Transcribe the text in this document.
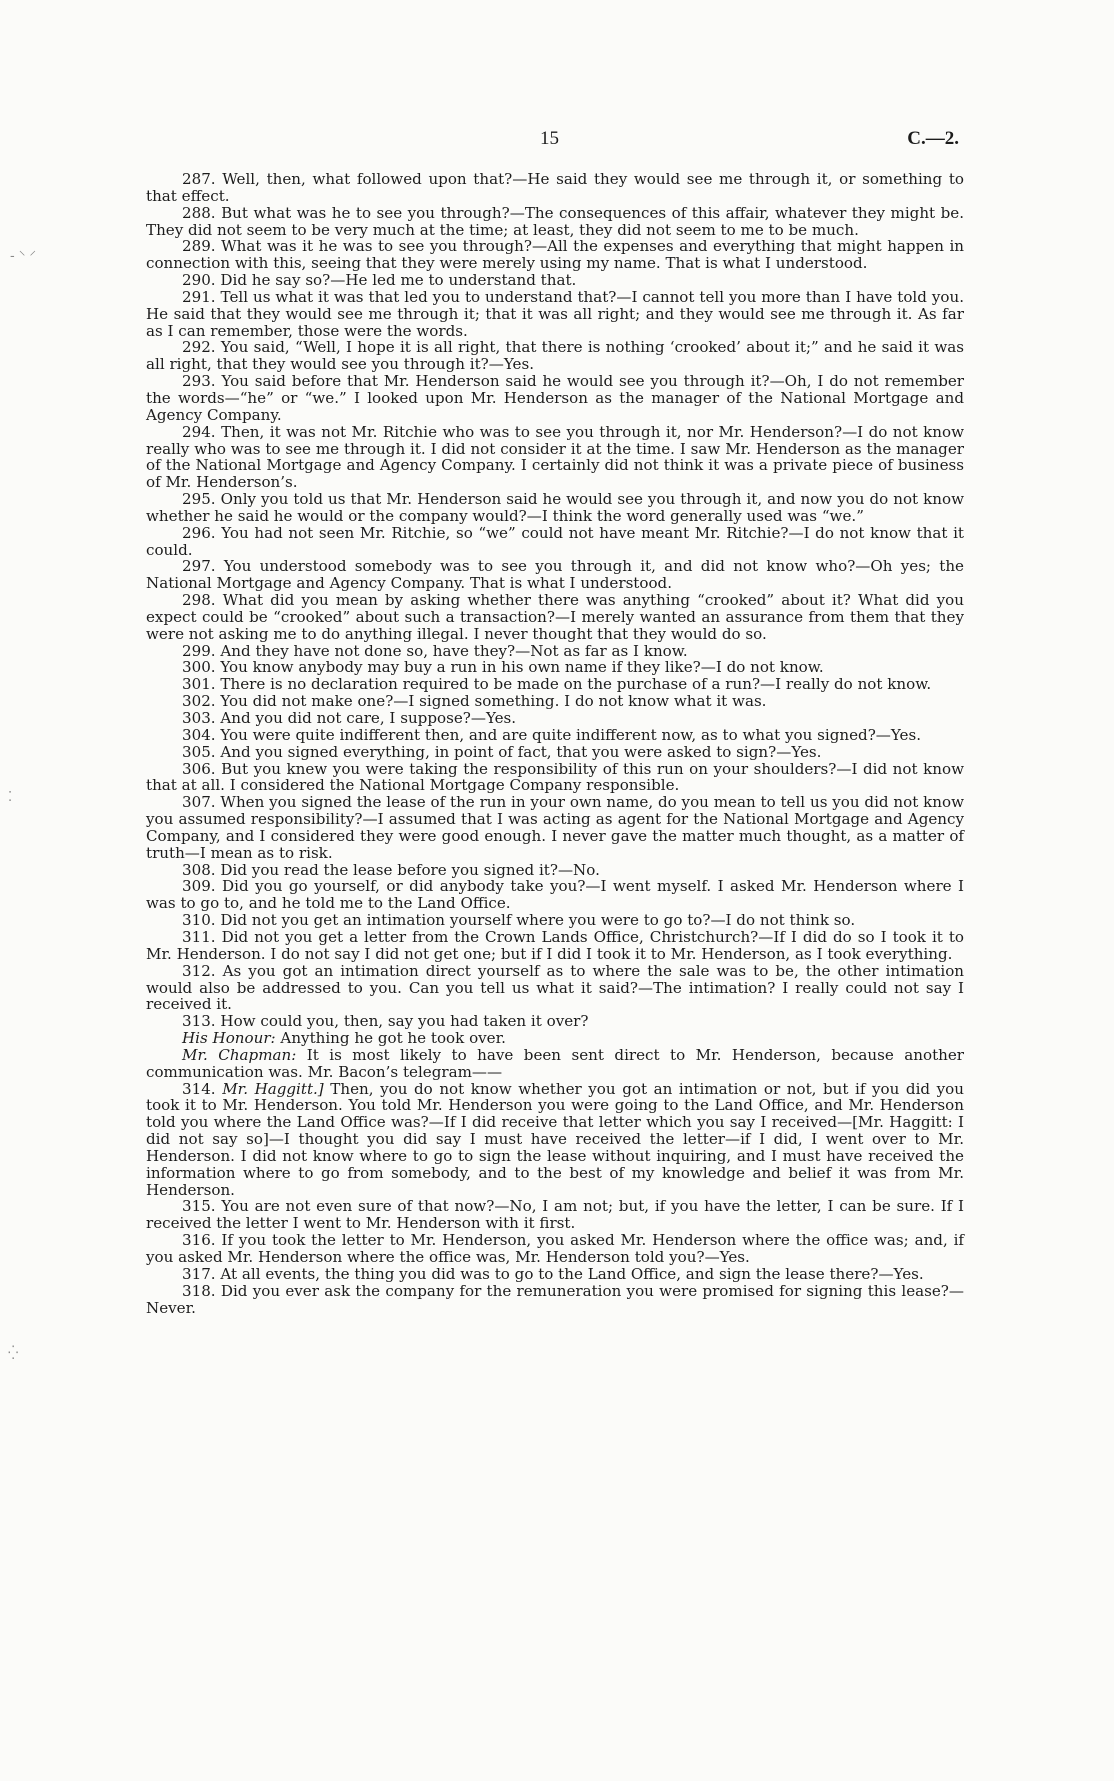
15	C.—2.
- ⸌ ⸍
⁚
⁛

287. Well, then, what followed upon that?—He said they would see me through it, or something to that effect.

288. But what was he to see you through?—The consequences of this affair, whatever they might be. They did not seem to be very much at the time; at least, they did not seem to me to be much.

289. What was it he was to see you through?—All the expenses and everything that might happen in connection with this, seeing that they were merely using my name. That is what I understood.

290. Did he say so?—He led me to understand that.

291. Tell us what it was that led you to understand that?—I cannot tell you more than I have told you. He said that they would see me through it; that it was all right; and they would see me through it. As far as I can remember, those were the words.

292. You said, “Well, I hope it is all right, that there is nothing ‘crooked’ about it;” and he said it was all right, that they would see you through it?—Yes.

293. You said before that Mr. Henderson said he would see you through it?—Oh, I do not remember the words—“he” or “we.” I looked upon Mr. Henderson as the manager of the National Mortgage and Agency Company.

294. Then, it was not Mr. Ritchie who was to see you through it, nor Mr. Henderson?—I do not know really who was to see me through it. I did not consider it at the time. I saw Mr. Henderson as the manager of the National Mortgage and Agency Company. I certainly did not think it was a private piece of business of Mr. Henderson’s.

295. Only you told us that Mr. Henderson said he would see you through it, and now you do not know whether he said he would or the company would?—I think the word generally used was “we.”

296. You had not seen Mr. Ritchie, so “we” could not have meant Mr. Ritchie?—I do not know that it could.

297. You understood somebody was to see you through it, and did not know who?—Oh yes; the National Mortgage and Agency Company. That is what I understood.

298. What did you mean by asking whether there was anything “crooked” about it? What did you expect could be “crooked” about such a transaction?—I merely wanted an assurance from them that they were not asking me to do anything illegal. I never thought that they would do so.

299. And they have not done so, have they?—Not as far as I know.

300. You know anybody may buy a run in his own name if they like?—I do not know.

301. There is no declaration required to be made on the purchase of a run?—I really do not know.

302. You did not make one?—I signed something. I do not know what it was.

303. And you did not care, I suppose?—Yes.

304. You were quite indifferent then, and are quite indifferent now, as to what you signed?—Yes.

305. And you signed everything, in point of fact, that you were asked to sign?—Yes.

306. But you knew you were taking the responsibility of this run on your shoulders?—I did not know that at all. I considered the National Mortgage Company responsible.

307. When you signed the lease of the run in your own name, do you mean to tell us you did not know you assumed responsibility?—I assumed that I was acting as agent for the National Mortgage and Agency Company, and I considered they were good enough. I never gave the matter much thought, as a matter of truth—I mean as to risk.

308. Did you read the lease before you signed it?—No.

309. Did you go yourself, or did anybody take you?—I went myself. I asked Mr. Henderson where I was to go to, and he told me to the Land Office.

310. Did not you get an intimation yourself where you were to go to?—I do not think so.

311. Did not you get a letter from the Crown Lands Office, Christchurch?—If I did do so I took it to Mr. Henderson. I do not say I did not get one; but if I did I took it to Mr. Henderson, as I took everything.

312. As you got an intimation direct yourself as to where the sale was to be, the other intimation would also be addressed to you. Can you tell us what it said?—The intimation? I really could not say I received it.

313. How could you, then, say you had taken it over?

His Honour: Anything he got he took over.

Mr. Chapman: It is most likely to have been sent direct to Mr. Henderson, because another communication was. Mr. Bacon’s telegram——

314. Mr. Haggitt.] Then, you do not know whether you got an intimation or not, but if you did you took it to Mr. Henderson. You told Mr. Henderson you were going to the Land Office, and Mr. Henderson told you where the Land Office was?—If I did receive that letter which you say I received—[Mr. Haggitt: I did not say so]—I thought you did say I must have received the letter—if I did, I went over to Mr. Henderson. I did not know where to go to sign the lease without inquiring, and I must have received the information where to go from somebody, and to the best of my knowledge and belief it was from Mr. Henderson.

315. You are not even sure of that now?—No, I am not; but, if you have the letter, I can be sure. If I received the letter I went to Mr. Henderson with it first.

316. If you took the letter to Mr. Henderson, you asked Mr. Henderson where the office was; and, if you asked Mr. Henderson where the office was, Mr. Henderson told you?—Yes.

317. At all events, the thing you did was to go to the Land Office, and sign the lease there?—Yes.

318. Did you ever ask the company for the remuneration you were promised for signing this lease?—Never.
